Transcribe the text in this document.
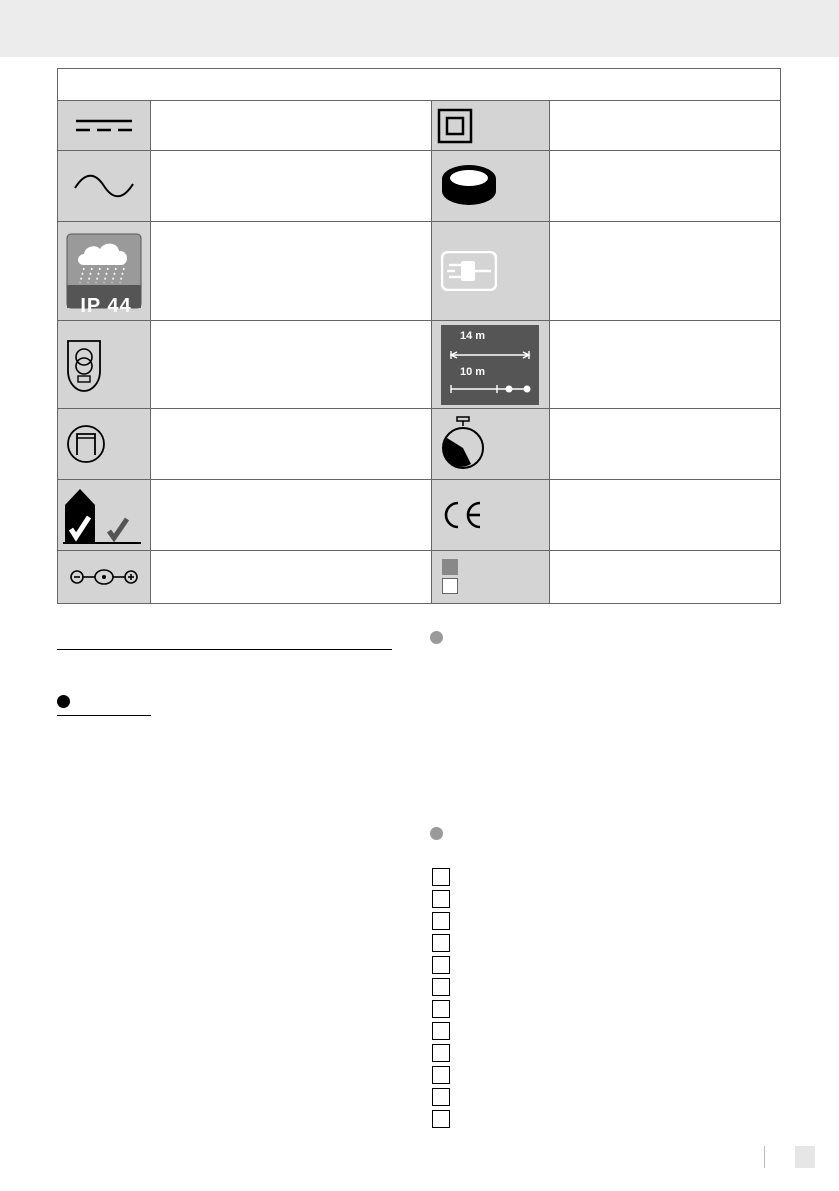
IP 44
14 m
10 m
